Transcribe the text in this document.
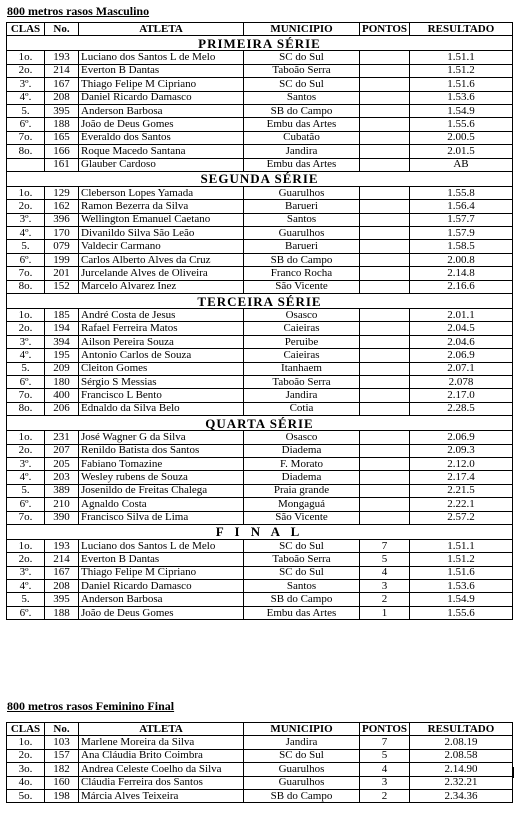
800 metros rasos Masculino
CLAS	No.	ATLETA	MUNICIPIO	PONTOS	RESULTADO
PRIMEIRA SÉRIE					
1o.	193	Luciano dos Santos L de Melo	SC do Sul		1.51.1
2o.	214	Everton B Dantas	Taboão Serra		1.51.2
3º.	167	Thiago Felipe M Cipriano	SC do Sul		1.51.6
4º.	208	Daniel Ricardo Damasco	Santos		1.53.6
5.	395	Anderson Barbosa	SB do Campo		1.54.9
6º.	188	João de Deus Gomes	Embu das Artes		1.55.6
7o.	165	Everaldo dos Santos	Cubatão		2.00.5
8o.	166	Roque Macedo Santana	Jandira		2.01.5
	161	Glauber Cardoso	Embu das Artes		AB
SEGUNDA SÉRIE					
1o.	129	Cleberson Lopes Yamada	Guarulhos		1.55.8
2o.	162	Ramon Bezerra da Silva	Barueri		1.56.4
3º.	396	Wellington Emanuel Caetano	Santos		1.57.7
4º.	170	Divanildo Silva São Leão	Guarulhos		1.57.9
5.	079	Valdecir Carmano	Barueri		1.58.5
6º.	199	Carlos Alberto Alves da Cruz	SB do Campo		2.00.8
7o.	201	Jurcelande Alves de Oliveira	Franco Rocha		2.14.8
8o.	152	Marcelo Alvarez Inez	São Vicente		2.16.6
TERCEIRA SÉRIE					
1o.	185	André Costa de Jesus	Osasco		2.01.1
2o.	194	Rafael Ferreira Matos	Caieiras		2.04.5
3º.	394	Ailson Pereira Souza	Peruibe		2.04.6
4º.	195	Antonio Carlos de Souza	Caieiras		2.06.9
5.	209	Cleiton Gomes	Itanhaem		2.07.1
6º.	180	Sérgio S Messias	Taboão Serra		2.078
7o.	400	Francisco L Bento	Jandira		2.17.0
8o.	206	Ednaldo da Silva Belo	Cotia		2.28.5
QUARTA SÉRIE					
1o.	231	José Wagner G da Silva	Osasco		2.06.9
2o.	207	Renildo Batista dos Santos	Diadema		2.09.3
3º.	205	Fabiano Tomazine	F. Morato		2.12.0
4º.	203	Wesley rubens de Souza	Diadema		2.17.4
5.	389	Josenildo de Freitas Chalega	Praia grande		2.21.5
6º.	210	Agnaldo Costa	Mongaguá		2.22.1
7o.	390	Francisco Silva de Lima	São Vicente		2.57.2
F I N A L					
1o.	193	Luciano dos Santos L de Melo	SC do Sul	7	1.51.1
2o.	214	Everton B Dantas	Taboão Serra	5	1.51.2
3º.	167	Thiago Felipe M Cipriano	SC do Sul	4	1.51.6
4º.	208	Daniel Ricardo Damasco	Santos	3	1.53.6
5.	395	Anderson Barbosa	SB do Campo	2	1.54.9
6º.	188	João de Deus Gomes	Embu das Artes	1	1.55.6
800 metros rasos Feminino Final
CLAS	No.	ATLETA	MUNICIPIO	PONTOS	RESULTADO
1o.	103	Marlene Moreira da Silva	Jandira	7	2.08.19
2o.	157	Ana Cláudia Brito Coimbra	SC do Sul	5	2.08.58
3o.	182	Andrea Celeste Coelho da Silva	Guarulhos	4	2.14.90
4o.	160	Cláudia Ferreira dos Santos	Guarulhos	3	2.32.21
5o.	198	Márcia Alves Teixeira	SB do Campo	2	2.34.36
